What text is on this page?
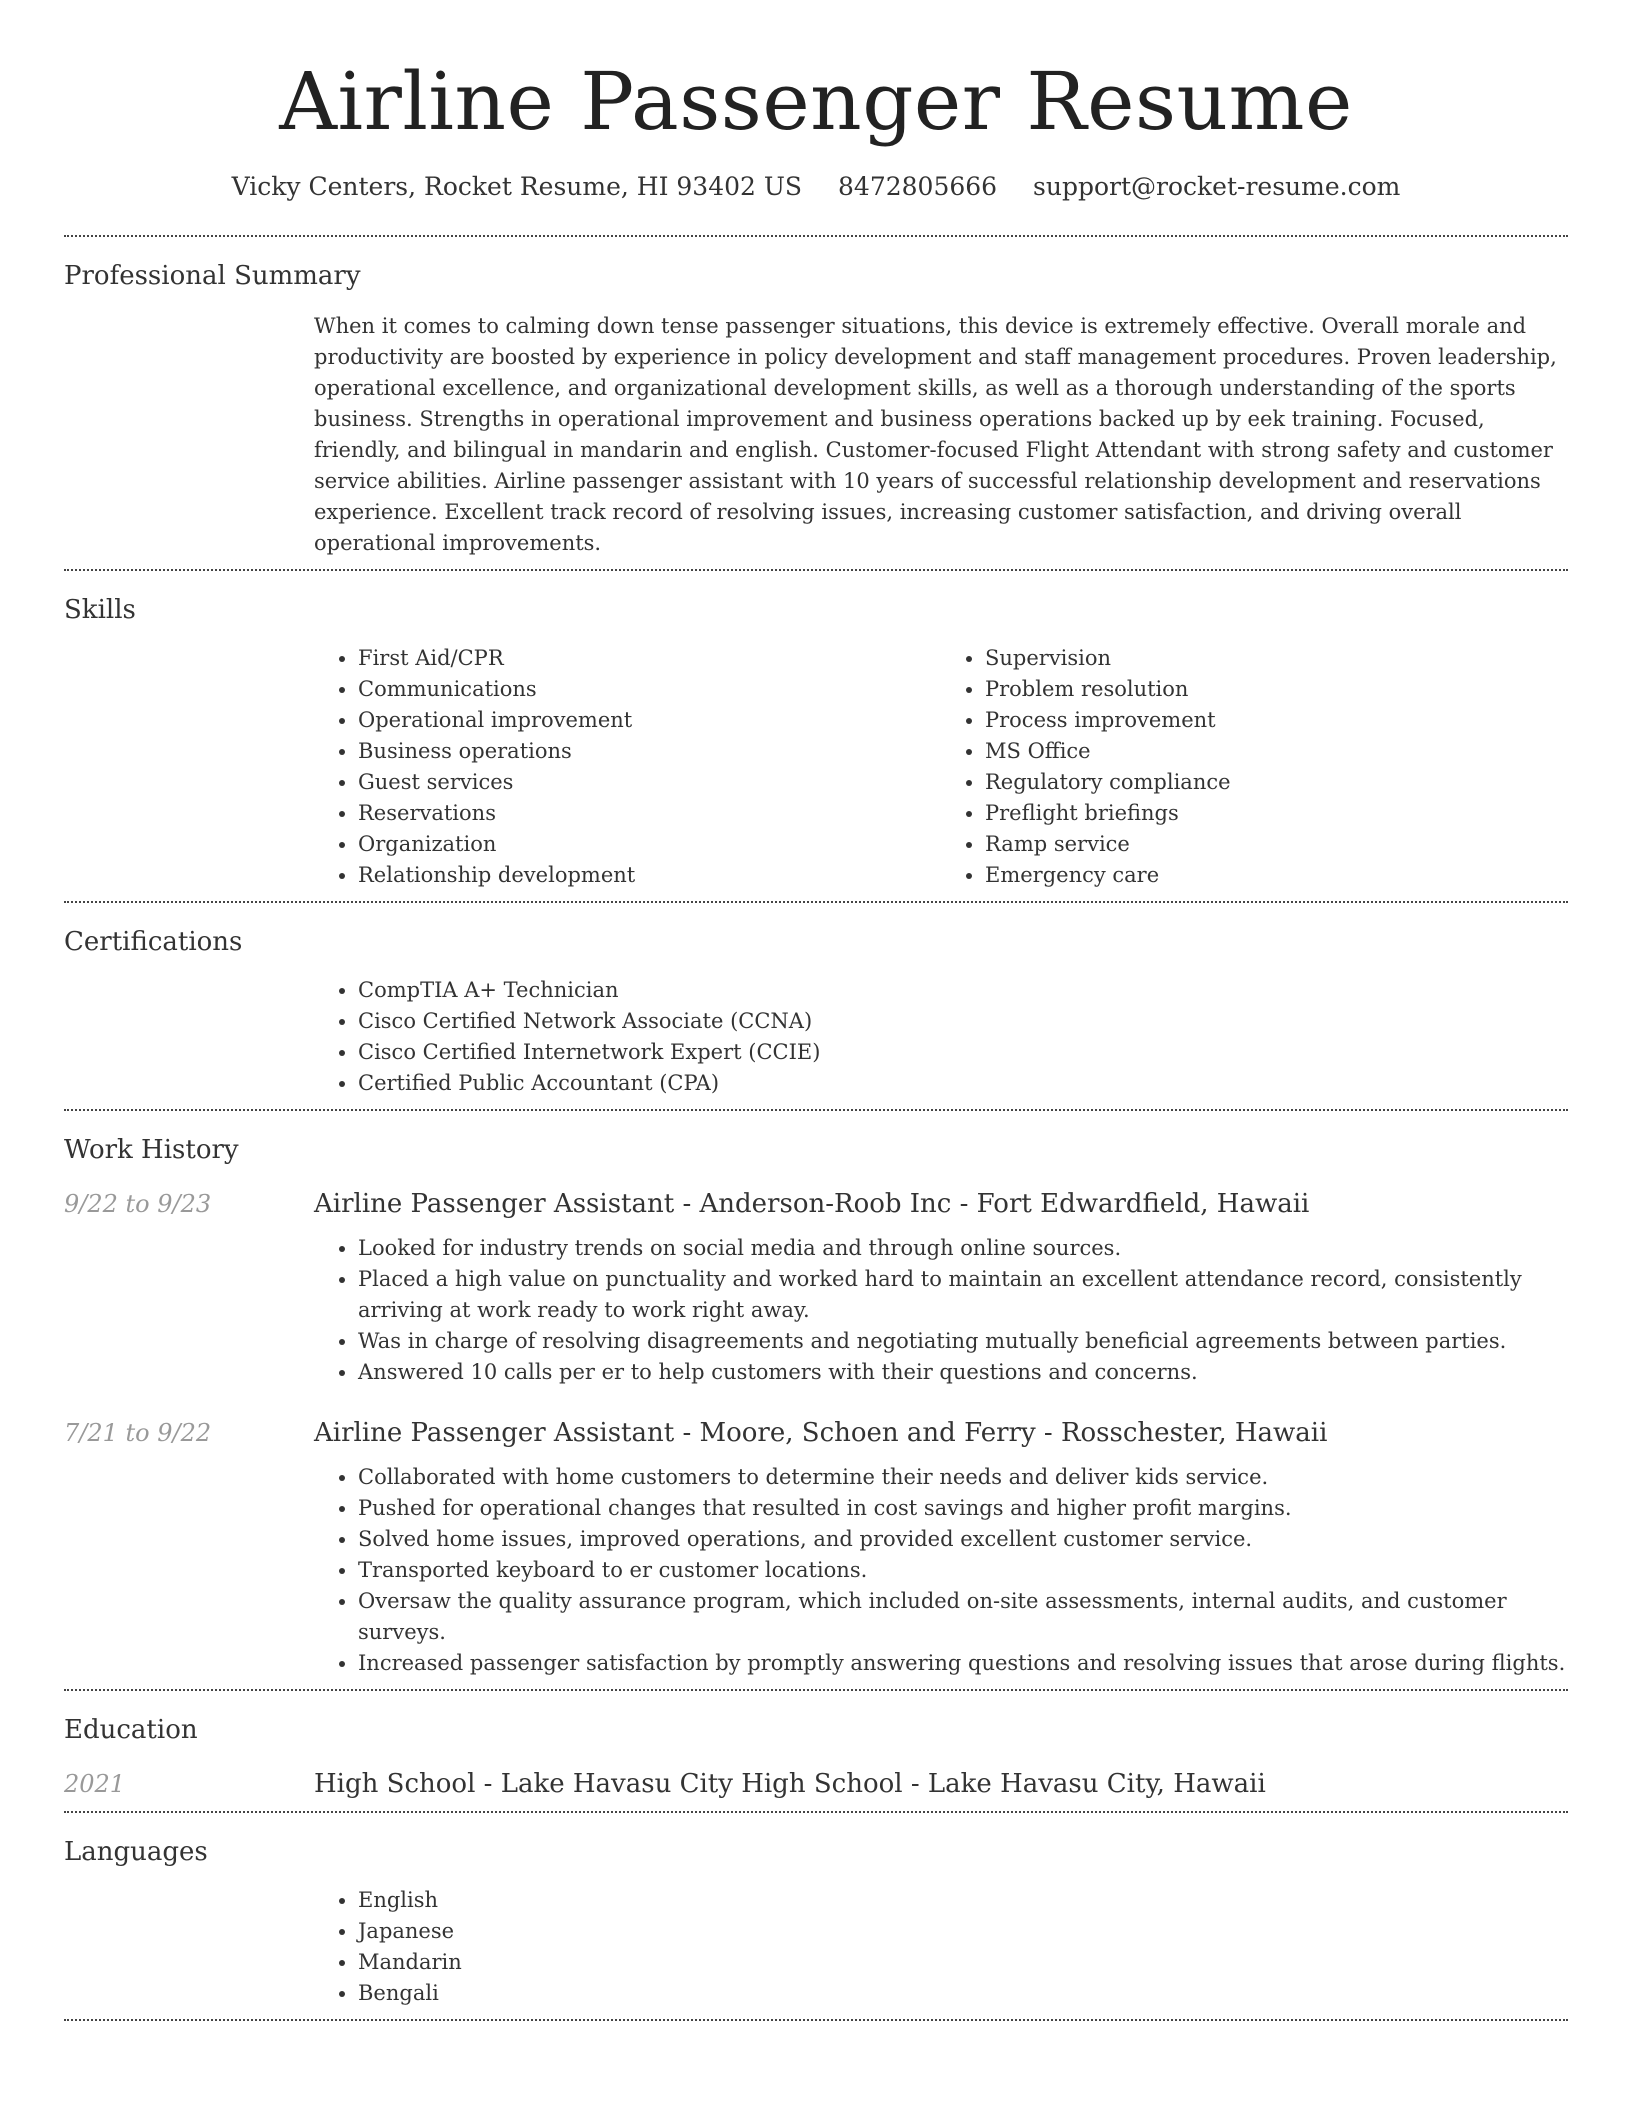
Airline Passenger Resume
Vicky Centers, Rocket Resume, HI 93402 US 8472805666 support@rocket-resume.com
Professional Summary
When it comes to calming down tense passenger situations, this device is extremely effective. Overall morale and productivity are boosted by experience in policy development and staff management procedures. Proven leadership, operational excellence, and organizational development skills, as well as a thorough understanding of the sports business. Strengths in operational improvement and business operations backed up by eek training. Focused, friendly, and bilingual in mandarin and english. Customer-focused Flight Attendant with strong safety and customer service abilities. Airline passenger assistant with 10 years of successful relationship development and reservations experience. Excellent track record of resolving issues, increasing customer satisfaction, and driving overall operational improvements.
Skills
• First Aid/CPR
• Communications
• Operational improvement
• Business operations
• Guest services
• Reservations
• Organization
• Relationship development
• Supervision
• Problem resolution
• Process improvement
• MS Office
• Regulatory compliance
• Preflight briefings
• Ramp service
• Emergency care
Certifications
• CompTIA A+ Technician
• Cisco Certified Network Associate (CCNA)
• Cisco Certified Internetwork Expert (CCIE)
• Certified Public Accountant (CPA)
Work History
9/22 to 9/23	Airline Passenger Assistant - Anderson-Roob Inc - Fort Edwardfield, Hawaii
• Looked for industry trends on social media and through online sources.
• Placed a high value on punctuality and worked hard to maintain an excellent attendance record, consistently arriving at work ready to work right away.
• Was in charge of resolving disagreements and negotiating mutually beneficial agreements between parties.
• Answered 10 calls per er to help customers with their questions and concerns.
7/21 to 9/22	Airline Passenger Assistant - Moore, Schoen and Ferry - Rosschester, Hawaii
• Collaborated with home customers to determine their needs and deliver kids service.
• Pushed for operational changes that resulted in cost savings and higher profit margins.
• Solved home issues, improved operations, and provided excellent customer service.
• Transported keyboard to er customer locations.
• Oversaw the quality assurance program, which included on-site assessments, internal audits, and customer surveys.
• Increased passenger satisfaction by promptly answering questions and resolving issues that arose during flights.
Education
2021	High School - Lake Havasu City High School - Lake Havasu City, Hawaii
Languages
• English
• Japanese
• Mandarin
• Bengali
